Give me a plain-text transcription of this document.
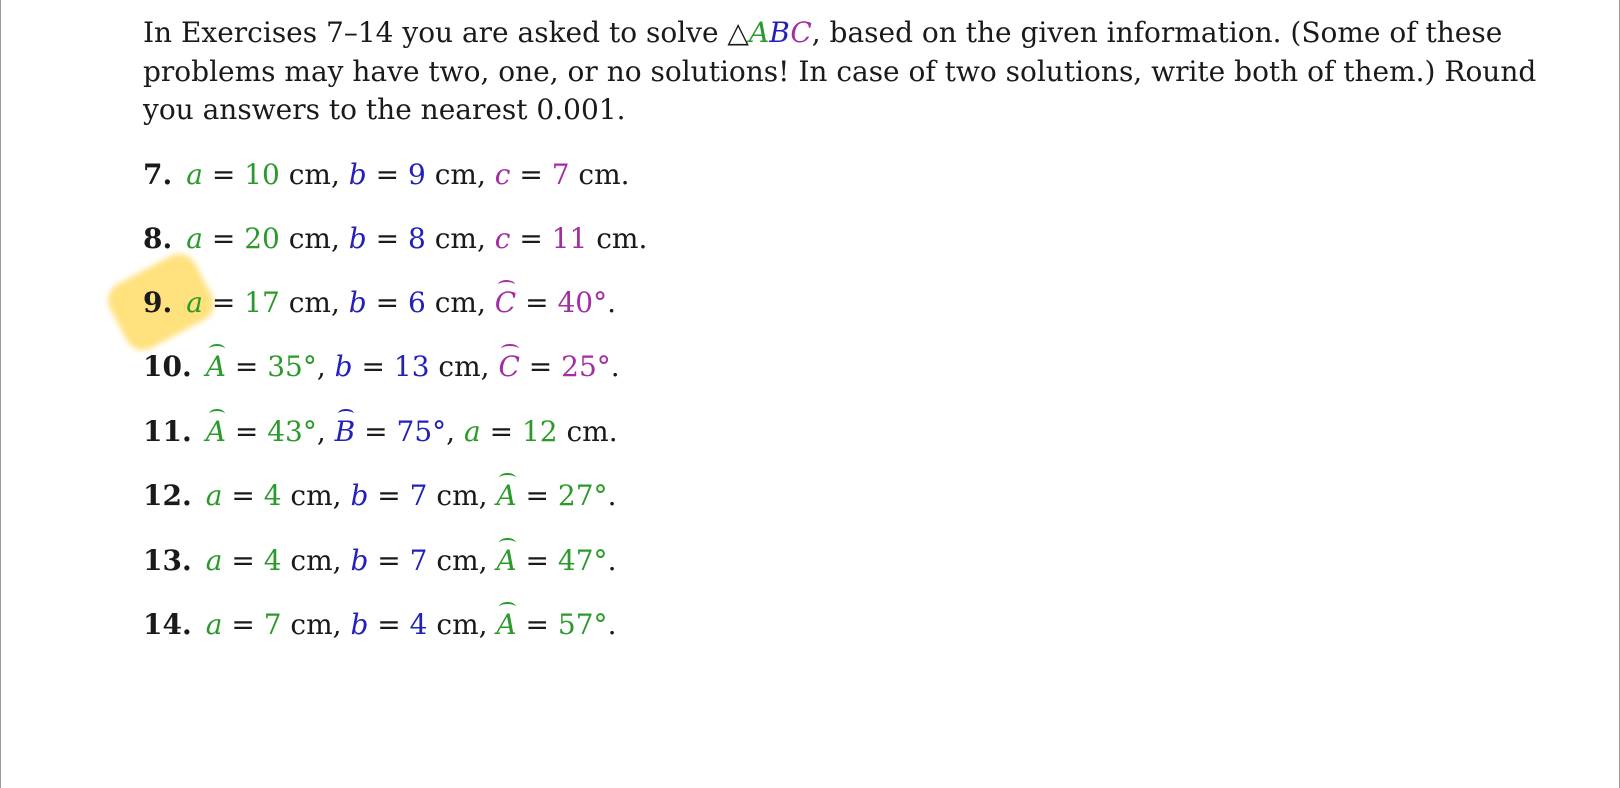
In Exercises 7–14 you are asked to solve △ABC, based on the given information. (Some of these
problems may have two, one, or no solutions! In case of two solutions, write both of them.) Round
you answers to the nearest 0.001.
7. a = 10 cm, b = 9 cm, c = 7 cm.
8. a = 20 cm, b = 8 cm, c = 11 cm.
9. a = 17 cm, b = 6 cm, C = 40°.
10. A = 35°, b = 13 cm, C = 25°.
11. A = 43°, B = 75°, a = 12 cm.
12. a = 4 cm, b = 7 cm, A = 27°.
13. a = 4 cm, b = 7 cm, A = 47°.
14. a = 7 cm, b = 4 cm, A = 57°.
